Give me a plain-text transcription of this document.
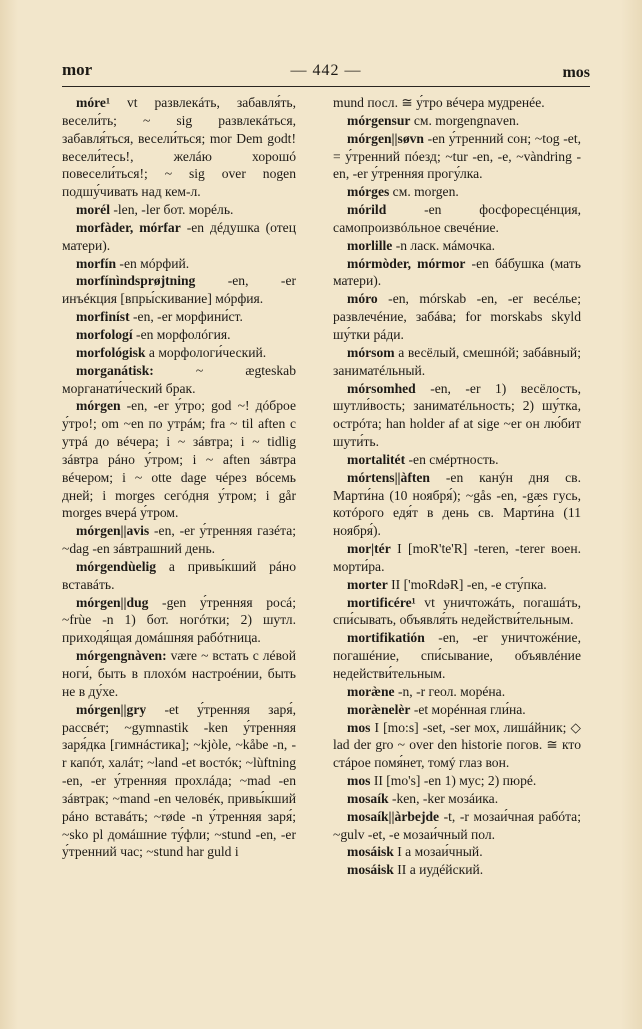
mor	— 442 —	mos

móre¹ vt развлекáть, забавля́ть, весели́ть; ~ sig развлекáться, забавля́ться, весели́ться; mor Dem godt! весели́тесь!, желáю хорошó повесели́ться!; ~ sig over nogen подшу́чивать над кем-л.

morél -len, -ler бот. морéль.

morfàder, mórfar -en дéдушка (отец матери).

morfín -en мóрфий.

morfínìndsprøjtning -en, -er инъéкция [впры́скивание] мóрфия.

morfiníst -en, -er морфини́ст.

morfologí -en морфолóгия.

morfológisk a морфологи́ческий.

morganátisk: ~ ægteskab морганати́ческий брак.

mórgen -en, -er у́тро; god ~! дóброе у́тро!; om ~en по утрáм; fra ~ til aften с утрá до вéчера; i ~ зáвтра; i ~ tidlig зáвтра рáно у́тром; i ~ aften зáвтра вéчером; i ~ otte dage чéрез вóсемь дней; i morges сегóдня у́тром; i går morges вчерá у́тром.

mórgen||avis -en, -er у́тренняя газéта; ~dag -en зáвтрашний день.

mórgendùelig a привы́кший рáно вставáть.

mórgen||dug -gen у́тренняя росá; ~frùe -n 1) бот. ногóтки; 2) шутл. приходя́щая домáшняя рабóтница.

mórgengnàven: være ~ встать с лéвой ноги́, быть в плохóм настроéнии, быть не в ду́хе.

mórgen||gry -et у́тренняя заря́, рассвéт; ~gymnastik -ken у́тренняя заря́дка [гимнáстика]; ~kjòle, ~kåbe -n, -r капóт, халáт; ~land -et востóк; ~lùftning -en, -er у́тренняя прохлáда; ~mad -en зáвтрак; ~mand -en человéк, привы́кший рáно вставáть; ~røde -n у́тренняя заря́; ~sko pl домáшние ту́фли; ~stund -en, -er у́тренний час; ~stund har guld i

mund посл. ≅ у́тро вéчера мудренéе.

mórgensur см. morgengnaven.

mórgen||søvn -en у́тренний сон; ~tog -et, = у́тренний пóезд; ~tur -en, -e, ~vàndring -en, -er у́тренняя прогу́лка.

mórges см. morgen.

mórild -en фосфоресцéнция, самопроизвóльное свечéние.

morlille -n ласк. мáмочка.

mórmòder, mórmor -en бáбушка (мать матери).

móro -en, mórskab -en, -er весéлье; развлечéние, забáва; for morskabs skyld шу́тки рáди.

mórsom a весёлый, смешнóй; забáвный; заниматéльный.

mórsomhed -en, -er 1) весёлость, шутли́вость; заниматéльность; 2) шу́тка, острóта; han holder af at sige ~er он лю́бит шути́ть.

mortalitét -en смéртность.

mórtens||àften -en канýн дня св. Марти́на (10 ноября́); ~gås -en, -gæs гусь, котóрого едя́т в день св. Марти́на (11 ноября́).

mor|tér I [moR'te'R] -teren, -terer воен. морти́ра.

morter II ['moRdəR] -en, -e сту́пка.

mortificére¹ vt уничтожáть, погашáть, спи́сывать, объявля́ть недействи́тельным.

mortifikatión -en, -er уничтожéние, погашéние, спи́сывание, объявлéние недействи́тельным.

moræ̀ne -n, -r геол. морéна.

moræ̀nelèr -et морéнная гли́на.

mos I [mo:s] -set, -ser мох, лишáйник; ◇ lad der gro ~ over den historie погов. ≅ кто стáрое помя́нет, томý глаз вон.

mos II [mo's] -en 1) мус; 2) пюрé.

mosaík -ken, -ker мозáика.

mosaík||àrbejde -t, -r мозаи́чная рабóта; ~gulv -et, -e мозаи́чный пол.

mosáisk I a мозаи́чный.

mosáisk II a иудéйский.
